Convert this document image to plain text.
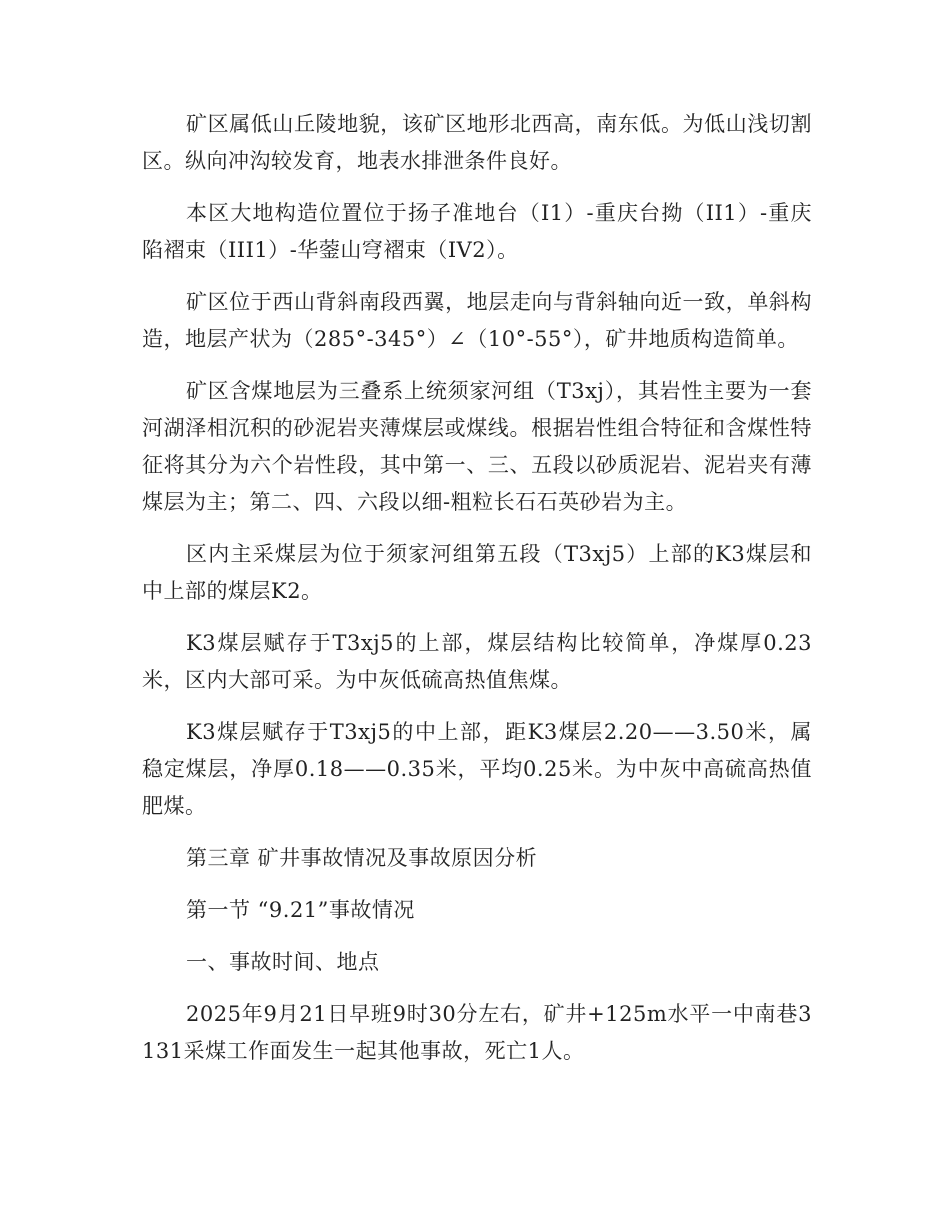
矿区属低山丘陵地貌，该矿区地形北西高，南东低。为低山浅切割区。纵向冲沟较发育，地表水排泄条件良好。

本区大地构造位置位于扬子准地台（I1）-重庆台拗（II1）-重庆陷褶束（III1）-华蓥山穹褶束（IV2）。

矿区位于西山背斜南段西翼，地层走向与背斜轴向近一致，单斜构造，地层产状为（285°-345°）∠（10°-55°），矿井地质构造简单。

矿区含煤地层为三叠系上统须家河组（T3xj），其岩性主要为一套河湖泽相沉积的砂泥岩夹薄煤层或煤线。根据岩性组合特征和含煤性特征将其分为六个岩性段，其中第一、三、五段以砂质泥岩、泥岩夹有薄煤层为主；第二、四、六段以细-粗粒长石石英砂岩为主。

区内主采煤层为位于须家河组第五段（T3xj5）上部的K3煤层和中上部的煤层K2。

K3煤层赋存于T3xj5的上部，煤层结构比较简单，净煤厚0.23米，区内大部可采。为中灰低硫高热值焦煤。

K3煤层赋存于T3xj5的中上部，距K3煤层2.20——3.50米，属稳定煤层，净厚0.18——0.35米，平均0.25米。为中灰中高硫高热值肥煤。

第三章 矿井事故情况及事故原因分析

第一节 “9.21”事故情况

一、事故时间、地点

2025年9月21日早班9时30分左右，矿井+125m水平一中南巷3131采煤工作面发生一起其他事故，死亡1人。
